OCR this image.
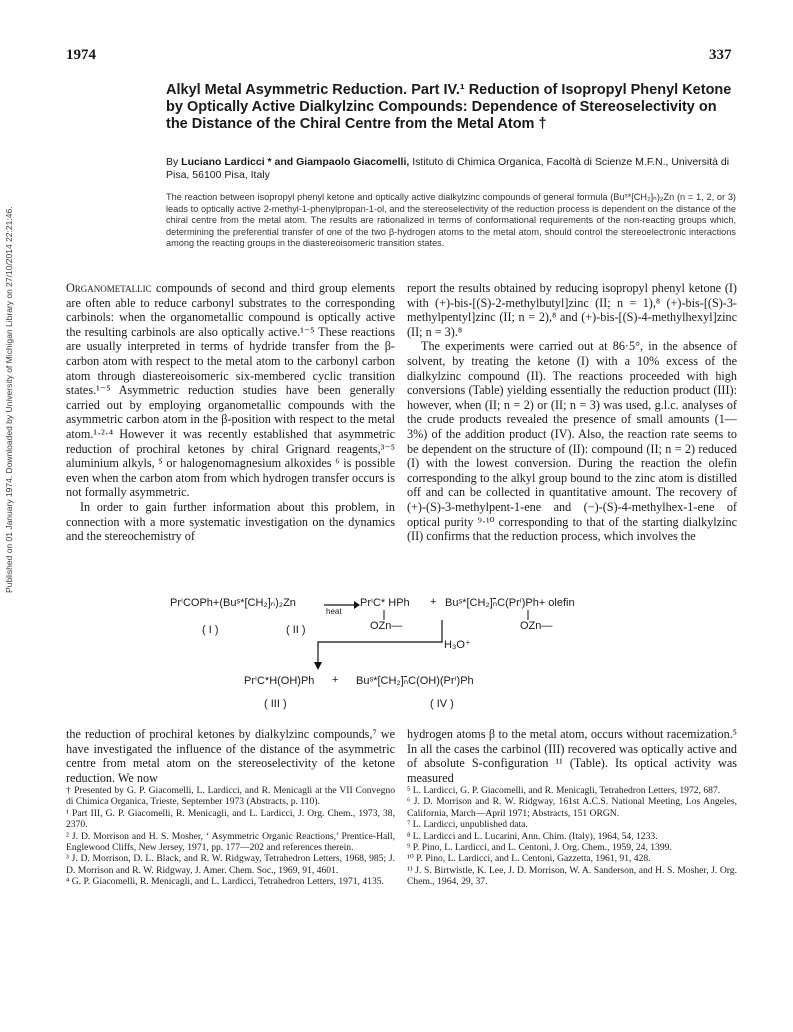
1974	337
Published on 01 January 1974. Downloaded by University of Michigan Library on 27/10/2014 22:21:46.
Alkyl Metal Asymmetric Reduction. Part IV.¹ Reduction of Isopropyl Phenyl Ketone by Optically Active Dialkylzinc Compounds: Dependence of Stereoselectivity on the Distance of the Chiral Centre from the Metal Atom †
By Luciano Lardicci * and Giampaolo Giacomelli, Istituto di Chimica Organica, Facoltà di Scienze M.F.N., Università di Pisa, 56100 Pisa, Italy
The reaction between isopropyl phenyl ketone and optically active dialkylzinc compounds of general formula (Buˢ*[CH₂]ₙ)₂Zn (n = 1, 2, or 3) leads to optically active 2-methyl-1-phenylpropan-1-ol, and the stereoselectivity of the reduction process is dependent on the distance of the chiral centre from the metal atom. The results are rationalized in terms of conformational requirements of the non-reacting groups which, determining the preferential transfer of one of the two β-hydrogen atoms to the metal atom, should control the stereoelectronic interactions among the reacting groups in the diastereoisomeric transition states.

Organometallic compounds of second and third group elements are often able to reduce carbonyl substrates to the corresponding carbinols: when the organometallic compound is optically active the resulting carbinols are also optically active.¹⁻⁵ These reactions are usually interpreted in terms of hydride transfer from the β-carbon atom with respect to the metal atom to the carbonyl carbon atom through diastereoisomeric six-membered cyclic transition states.¹⁻⁵ Asymmetric reduction studies have been generally carried out by employing organometallic compounds with the asymmetric carbon atom in the β-position with respect to the metal atom.¹·²·⁴ However it was recently established that asymmetric reduction of prochiral ketones by chiral Grignard reagents,³⁻⁵ aluminium alkyls, ⁵ or halogenomagnesium alkoxides ⁶ is possible even when the carbon atom from which hydrogen transfer occurs is not formally asymmetric.

In order to gain further information about this problem, in connection with a more systematic investigation on the dynamics and the stereochemistry of

report the results obtained by reducing isopropyl phenyl ketone (I) with (+)-bis-[(S)-2-methylbutyl]zinc (II; n = 1),⁸ (+)-bis-[(S)-3-methylpentyl]zinc (II; n = 2),⁸ and (+)-bis-[(S)-4-methylhexyl]zinc (II; n = 3).⁸

The experiments were carried out at 86·5°, in the absence of solvent, by treating the ketone (I) with a 10% excess of the dialkylzinc compound (II). The reactions proceeded with high conversions (Table) yielding essentially the reduction product (III): however, when (II; n = 2) or (II; n = 3) was used, g.l.c. analyses of the crude products revealed the presence of small amounts (1—3%) of the addition product (IV). Also, the reaction rate seems to be dependent on the structure of (II): compound (II; n = 2) reduced (I) with the lowest conversion. During the reaction the olefin corresponding to the alkyl group bound to the zinc atom is distilled off and can be collected in quantitative amount. The recovery of (+)-(S)-3-methylpent-1-ene and (−)-(S)-4-methylhex-1-ene of optical purity ⁹·¹⁰ corresponding to that of the starting dialkylzinc (II) confirms that the reduction process, which involves the

PrⁱCOPh+(Buˢ*[CH₂]ₙ)₂Zn
heat
→ PrⁱC* HPh + Buˢ*[CH₂]ₙ̄C(Prⁱ)Ph+ olefin
OZn—	OZn—
( I )	( II )
H₃O⁺
PrⁱC*H(OH)Ph + Buˢ*[CH₂]ₙ̄C(OH)(Prⁱ)Ph
( III )	( IV )
the reduction of prochiral ketones by dialkylzinc compounds,⁷ we have investigated the influence of the distance of the asymmetric centre from metal atom on the stereoselectivity of the ketone reduction. We now
hydrogen atoms β to the metal atom, occurs without racemization.⁵ In all the cases the carbinol (III) recovered was optically active and of absolute S-configuration ¹¹ (Table). Its optical activity was measured

† Presented by G. P. Giacomelli, L. Lardicci, and R. Menicagli at the VII Convegno di Chimica Organica, Trieste, September 1973 (Abstracts, p. 110).

¹ Part III, G. P. Giacomelli, R. Menicagli, and L. Lardicci, J. Org. Chem., 1973, 38, 2370.

² J. D. Morrison and H. S. Mosher, ‘ Asymmetric Organic Reactions,’ Prentice-Hall, Englewood Cliffs, New Jersey, 1971, pp. 177—202 and references therein.

³ J. D. Morrison, D. L. Black, and R. W. Ridgway, Tetrahedron Letters, 1968, 985; J. D. Morrison and R. W. Ridgway, J. Amer. Chem. Soc., 1969, 91, 4601.

⁴ G. P. Giacomelli, R. Menicagli, and L. Lardicci, Tetrahedron Letters, 1971, 4135.

⁵ L. Lardicci, G. P. Giacomelli, and R. Menicagli, Tetrahedron Letters, 1972, 687.

⁶ J. D. Morrison and R. W. Ridgway, 161st A.C.S. National Meeting, Los Angeles, California, March—April 1971; Abstracts, 151 ORGN.

⁷ L. Lardicci, unpublished data.

⁸ L. Lardicci and L. Lucarini, Ann. Chim. (Italy), 1964, 54, 1233.

⁹ P. Pino, L. Lardicci, and L. Centoni, J. Org. Chem., 1959, 24, 1399.

¹⁰ P. Pino, L. Lardicci, and L. Centoni, Gazzetta, 1961, 91, 428.

¹¹ J. S. Birtwistle, K. Lee, J. D. Morrison, W. A. Sanderson, and H. S. Mosher, J. Org. Chem., 1964, 29, 37.
